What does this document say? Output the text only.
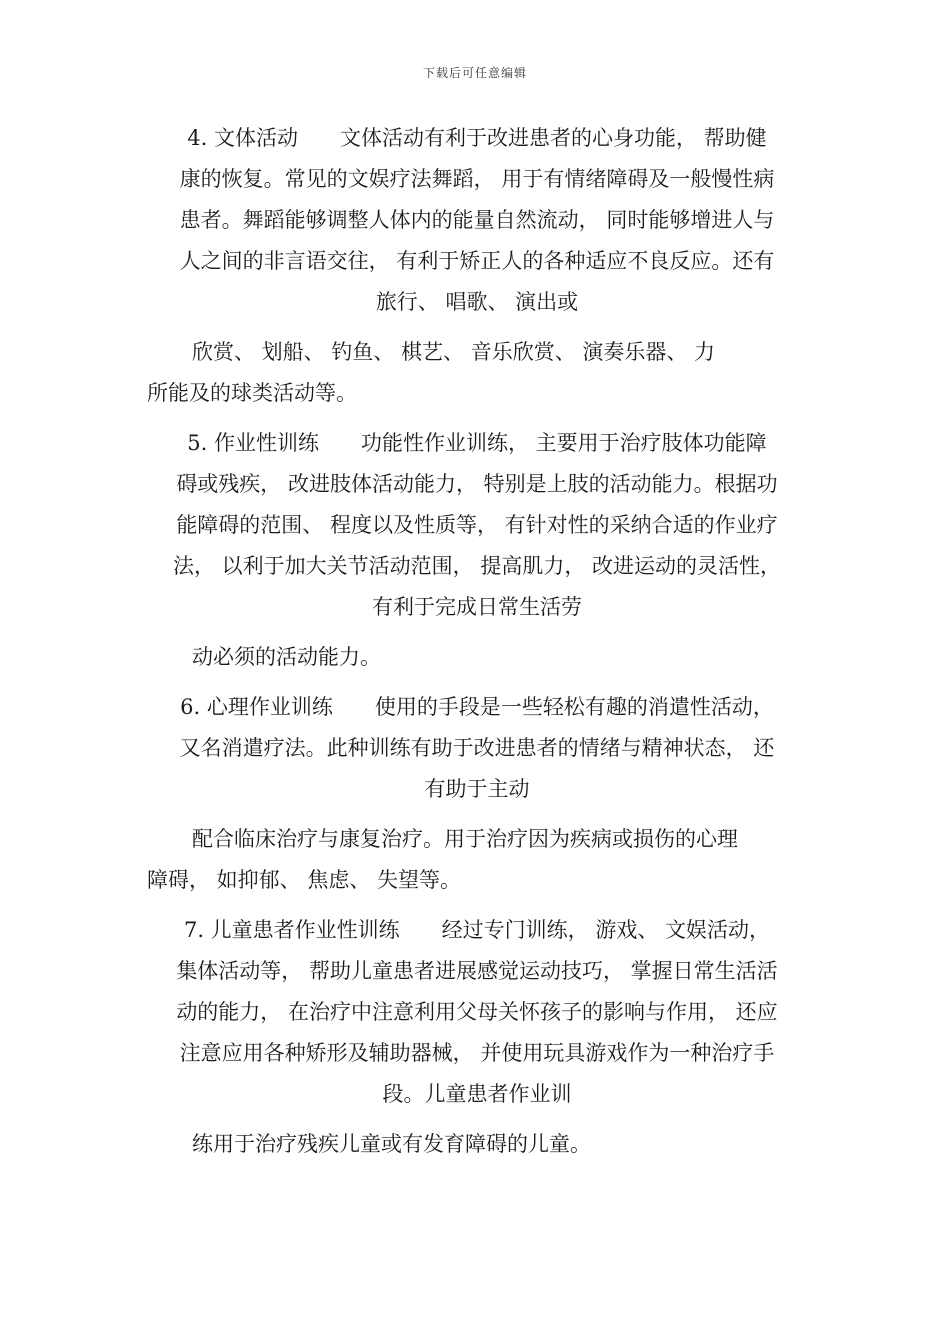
下载后可任意编辑
4. 文体活动　　文体活动有利于改进患者的心身功能， 帮助健
康的恢复。常见的文娱疗法舞蹈， 用于有情绪障碍及一般慢性病
患者。舞蹈能够调整人体内的能量自然流动， 同时能够增进人与
人之间的非言语交往， 有利于矫正人的各种适应不良反应。还有
旅行、 唱歌、 演出或
欣赏、 划船、 钓鱼、 棋艺、 音乐欣赏、 演奏乐器、 力
所能及的球类活动等。
5. 作业性训练　　功能性作业训练， 主要用于治疗肢体功能障
碍或残疾， 改进肢体活动能力， 特别是上肢的活动能力。根据功
能障碍的范围、 程度以及性质等， 有针对性的采纳合适的作业疗
法， 以利于加大关节活动范围， 提高肌力， 改进运动的灵活性，
有利于完成日常生活劳
动必须的活动能力。
6. 心理作业训练　　使用的手段是一些轻松有趣的消遣性活动，
又名消遣疗法。此种训练有助于改进患者的情绪与精神状态， 还
有助于主动
配合临床治疗与康复治疗。用于治疗因为疾病或损伤的心理
障碍， 如抑郁、 焦虑、 失望等。
7. 儿童患者作业性训练　　经过专门训练， 游戏、 文娱活动，
集体活动等， 帮助儿童患者进展感觉运动技巧， 掌握日常生活活
动的能力， 在治疗中注意利用父母关怀孩子的影响与作用， 还应
注意应用各种矫形及辅助器械， 并使用玩具游戏作为一种治疗手
段。儿童患者作业训
练用于治疗残疾儿童或有发育障碍的儿童。
